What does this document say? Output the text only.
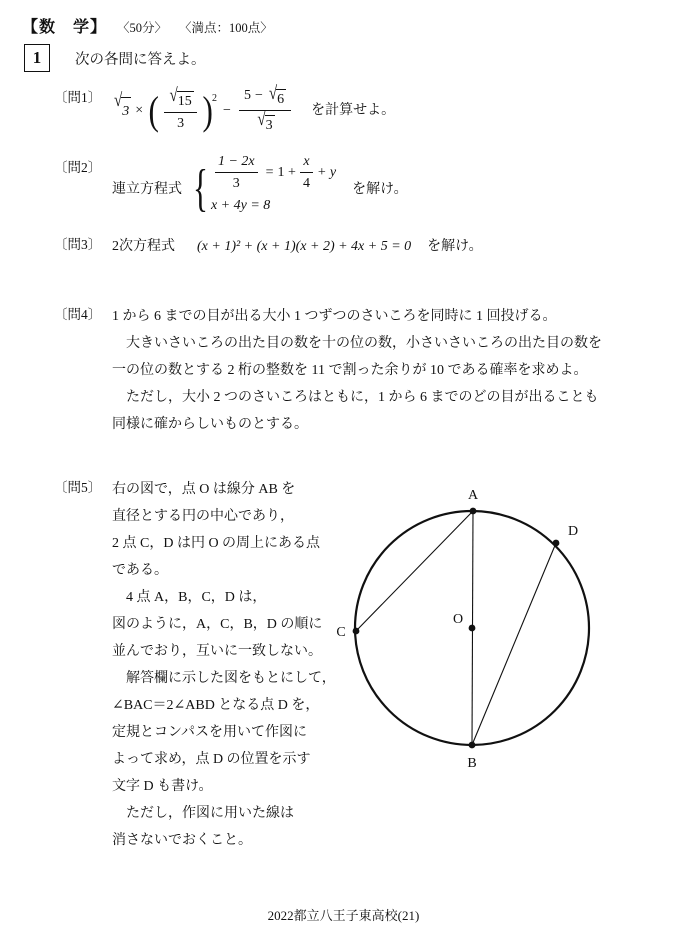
【数　学】 〈50分〉 〈満点：100点〉
1	次の各問に答えよ。
〔問1〕 √
3 × ( $\frac{√ 15}{3}$ ) 2
− $\frac{5 - √ 6}{√ 3}$ を計算せよ。
〔問2〕
連立方程式 { $\frac{1 - 2x}{3} = 1 + \frac{x}{4} + y$
x + 4y = 8
を解け。
〔問3〕 2次方程式 (x + 1)² + (x + 1)(x + 2) + 4x + 5 = 0 を解け。
〔問4〕 1 から 6 までの目が出る大小 1 つずつのさいころを同時に 1 回投げる。
大きいさいころの出た目の数を十の位の数，小さいさいころの出た目の数を
一の位の数とする 2 桁の整数を 11 で割った余りが 10 である確率を求めよ。
ただし，大小 2 つのさいころはともに，1 から 6 までのどの目が出ることも
同様に確からしいものとする。
〔問5〕 右の図で，点 O は線分 AB を
直径とする円の中心であり，
2 点 C，D は円 O の周上にある点
である。
4 点 A，B，C，D は，
図のように，A，C，B，D の順に
並んでおり，互いに一致しない。
解答欄に示した図をもとにして，
∠BAC＝2∠ABD となる点 D を，
定規とコンパスを用いて作図に
よって求め，点 D の位置を示す
文字 D も書け。
ただし，作図に用いた線は
消さないでおくこと。
A
B
C
D
O
2022都立八王子東高校(21)
